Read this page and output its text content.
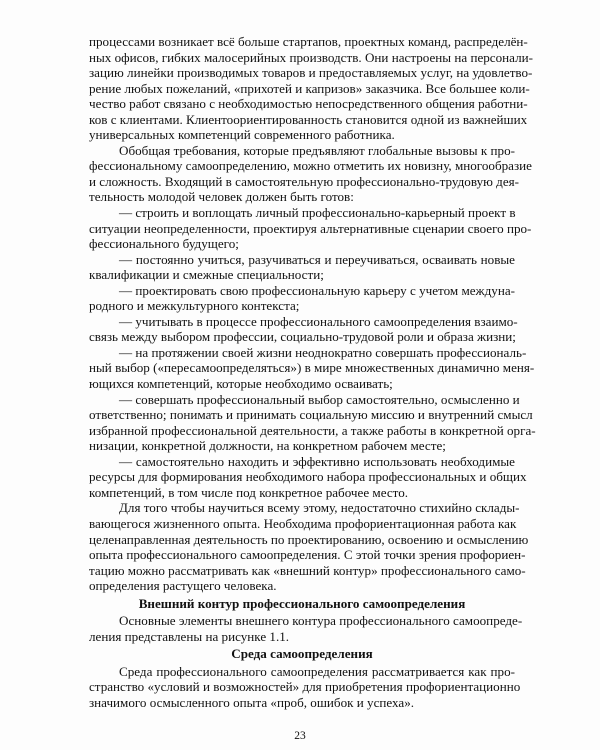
процессами возникает всё больше стартапов, проектных команд, распределён-
ных офисов, гибких малосерийных производств. Они настроены на персонали-
зацию линейки производимых товаров и предоставляемых услуг, на удовлетво-
рение любых пожеланий, «прихотей и капризов» заказчика. Все большее коли-
чество работ связано с необходимостью непосредственного общения работни-
ков с клиентами. Клиентоориентированность становится одной из важнейших
универсальных компетенций современного работника.
Обобщая требования, которые предъявляют глобальные вызовы к про-
фессиональному самоопределению, можно отметить их новизну, многообразие
и сложность. Входящий в самостоятельную профессионально-трудовую дея-
тельность молодой человек должен быть готов:
— строить и воплощать личный профессионально-карьерный проект в
ситуации неопределенности, проектируя альтернативные сценарии своего про-
фессионального будущего;
— постоянно учиться, разучиваться и переучиваться, осваивать новые
квалификации и смежные специальности;
— проектировать свою профессиональную карьеру с учетом междуна-
родного и межкультурного контекста;
— учитывать в процессе профессионального самоопределения взаимо-
связь между выбором профессии, социально-трудовой роли и образа жизни;
— на протяжении своей жизни неоднократно совершать профессиональ-
ный выбор («пересамоопределяться») в мире множественных динамично меня-
ющихся компетенций, которые необходимо осваивать;
— совершать профессиональный выбор самостоятельно, осмысленно и
ответственно; понимать и принимать социальную миссию и внутренний смысл
избранной профессиональной деятельности, а также работы в конкретной орга-
низации, конкретной должности, на конкретном рабочем месте;
— самостоятельно находить и эффективно использовать необходимые
ресурсы для формирования необходимого набора профессиональных и общих
компетенций, в том числе под конкретное рабочее место.
Для того чтобы научиться всему этому, недостаточно стихийно склады-
вающегося жизненного опыта. Необходима профориентационная работа как
целенаправленная деятельность по проектированию, освоению и осмыслению
опыта профессионального самоопределения. С этой точки зрения профориен-
тацию можно рассматривать как «внешний контур» профессионального само-
определения растущего человека.
Внешний контур профессионального самоопределения
Основные элементы внешнего контура профессионального самоопреде-
ления представлены на рисунке 1.1.
Среда самоопределения
Среда профессионального самоопределения рассматривается как про-
странство «условий и возможностей» для приобретения профориентационно
значимого осмысленного опыта «проб, ошибок и успеха».
23
